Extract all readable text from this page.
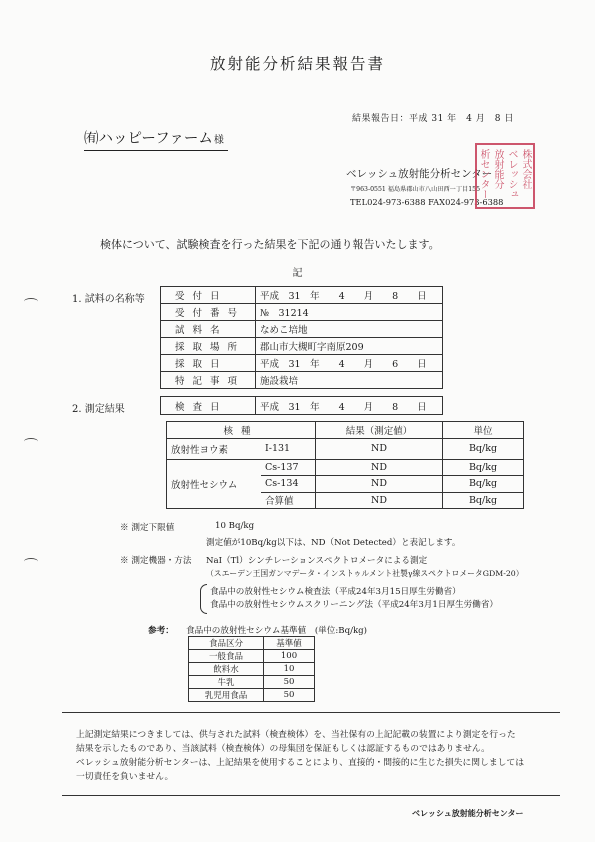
放射能分析結果報告書
結果報告日：平成 31 年　4 月　8 日
㈲ハッピーファーム様
ベレッシュ放射能分析センター
〒963-0551 福島県郡山市八山田西一丁目155
TEL024-973-6388 FAX024-973-6388
株式会社
ベレッシュ
放射能分
析センター
検体について、試験検査を行った結果を下記の通り報告いたします。
記
1. 試料の名称等	受付日	平成　31　年　　4　　月　　8　　日
受付番号	№　31214
試料名	なめこ培地
採取場所	郡山市大槻町字南原209
採取日	平成　31　年　　4　　月　　6　　日
特記事項	施設栽培
2. 測定結果	検査日	平成　31　年　　4　　月　　8　　日
核種		結果（測定値）	単位
放射性ヨウ素	I-131	ND	Bq/kg
放射性セシウム	Cs-137	ND	Bq/kg
	Cs-134	ND	Bq/kg
	合算値	ND	Bq/kg
※ 測定下限値	10 Bq/kg
測定値が10Bq/kg以下は、ND（Not Detected）と表記します。
※ 測定機器・方法 NaI（Tl）シンチレーションスペクトロメータによる測定
（スエーデン王国ガンマデータ・インストゥルメント社製γ線スペクトロメータGDM-20）
食品中の放射性セシウム検査法（平成24年3月15日厚生労働省）
食品中の放射性セシウムスクリーニング法（平成24年3月1日厚生労働省）
参考： 食品中の放射性セシウム基準値　(単位:Bq/kg)
食品区分	基準値
一般食品	100
飲料水	10
牛乳	50
乳児用食品	50
上記測定結果につきましては、供与された試料（検査検体）を、当社保有の上記記載の装置により測定を行った
結果を示したものであり、当該試料（検査検体）の母集団を保証もしくは認証するものではありません。
ベレッシュ放射能分析センターは、上記結果を使用することにより、直接的・間接的に生じた損失に関しましては
一切責任を負いません。
ベレッシュ放射能分析センター
